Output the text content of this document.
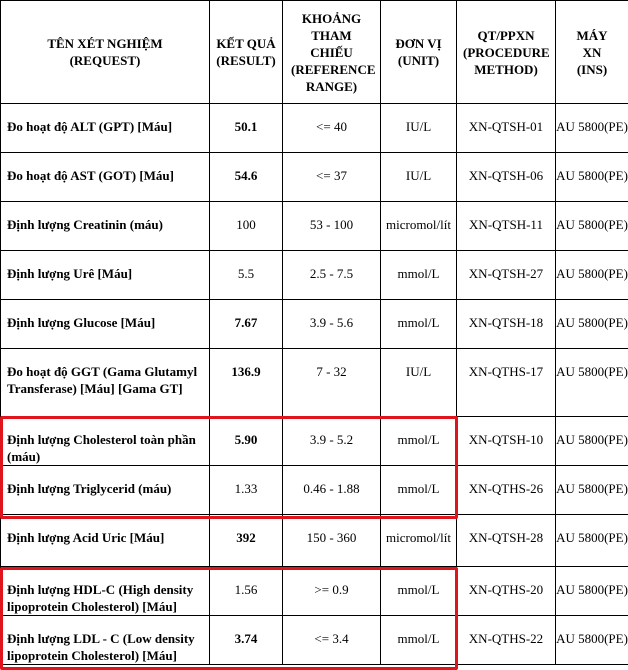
TÊN XÉT NGHIỆM (REQUEST)	KẾT QUẢ (RESULT)	KHOẢNG THAM CHIẾU (REFERENCE RANGE)	ĐƠN VỊ (UNIT)	QT/PPXN (PROCEDURE METHOD)	MÁY XN (INS)
Đo hoạt độ ALT (GPT) [Máu]	50.1	<= 40	IU/L	XN-QTSH-01	AU 5800(PE)
Đo hoạt độ AST (GOT) [Máu]	54.6	<= 37	IU/L	XN-QTSH-06	AU 5800(PE)
Định lượng Creatinin (máu)	100	53 - 100	micromol/lít	XN-QTSH-11	AU 5800(PE)
Định lượng Urê [Máu]	5.5	2.5 - 7.5	mmol/L	XN-QTSH-27	AU 5800(PE)
Định lượng Glucose [Máu]	7.67	3.9 - 5.6	mmol/L	XN-QTSH-18	AU 5800(PE)
Đo hoạt độ GGT (Gama Glutamyl Transferase) [Máu] [Gama GT]	136.9	7 - 32	IU/L	XN-QTHS-17	AU 5800(PE)
Định lượng Cholesterol toàn phần (máu)	5.90	3.9 - 5.2	mmol/L	XN-QTSH-10	AU 5800(PE)
Định lượng Triglycerid (máu)	1.33	0.46 - 1.88	mmol/L	XN-QTHS-26	AU 5800(PE)
Định lượng Acid Uric [Máu]	392	150 - 360	micromol/lít	XN-QTSH-28	AU 5800(PE)
Định lượng HDL-C (High density lipoprotein Cholesterol) [Máu]	1.56	>= 0.9	mmol/L	XN-QTHS-20	AU 5800(PE)
Định lượng LDL - C (Low density lipoprotein Cholesterol) [Máu]	3.74	<= 3.4	mmol/L	XN-QTHS-22	AU 5800(PE)
